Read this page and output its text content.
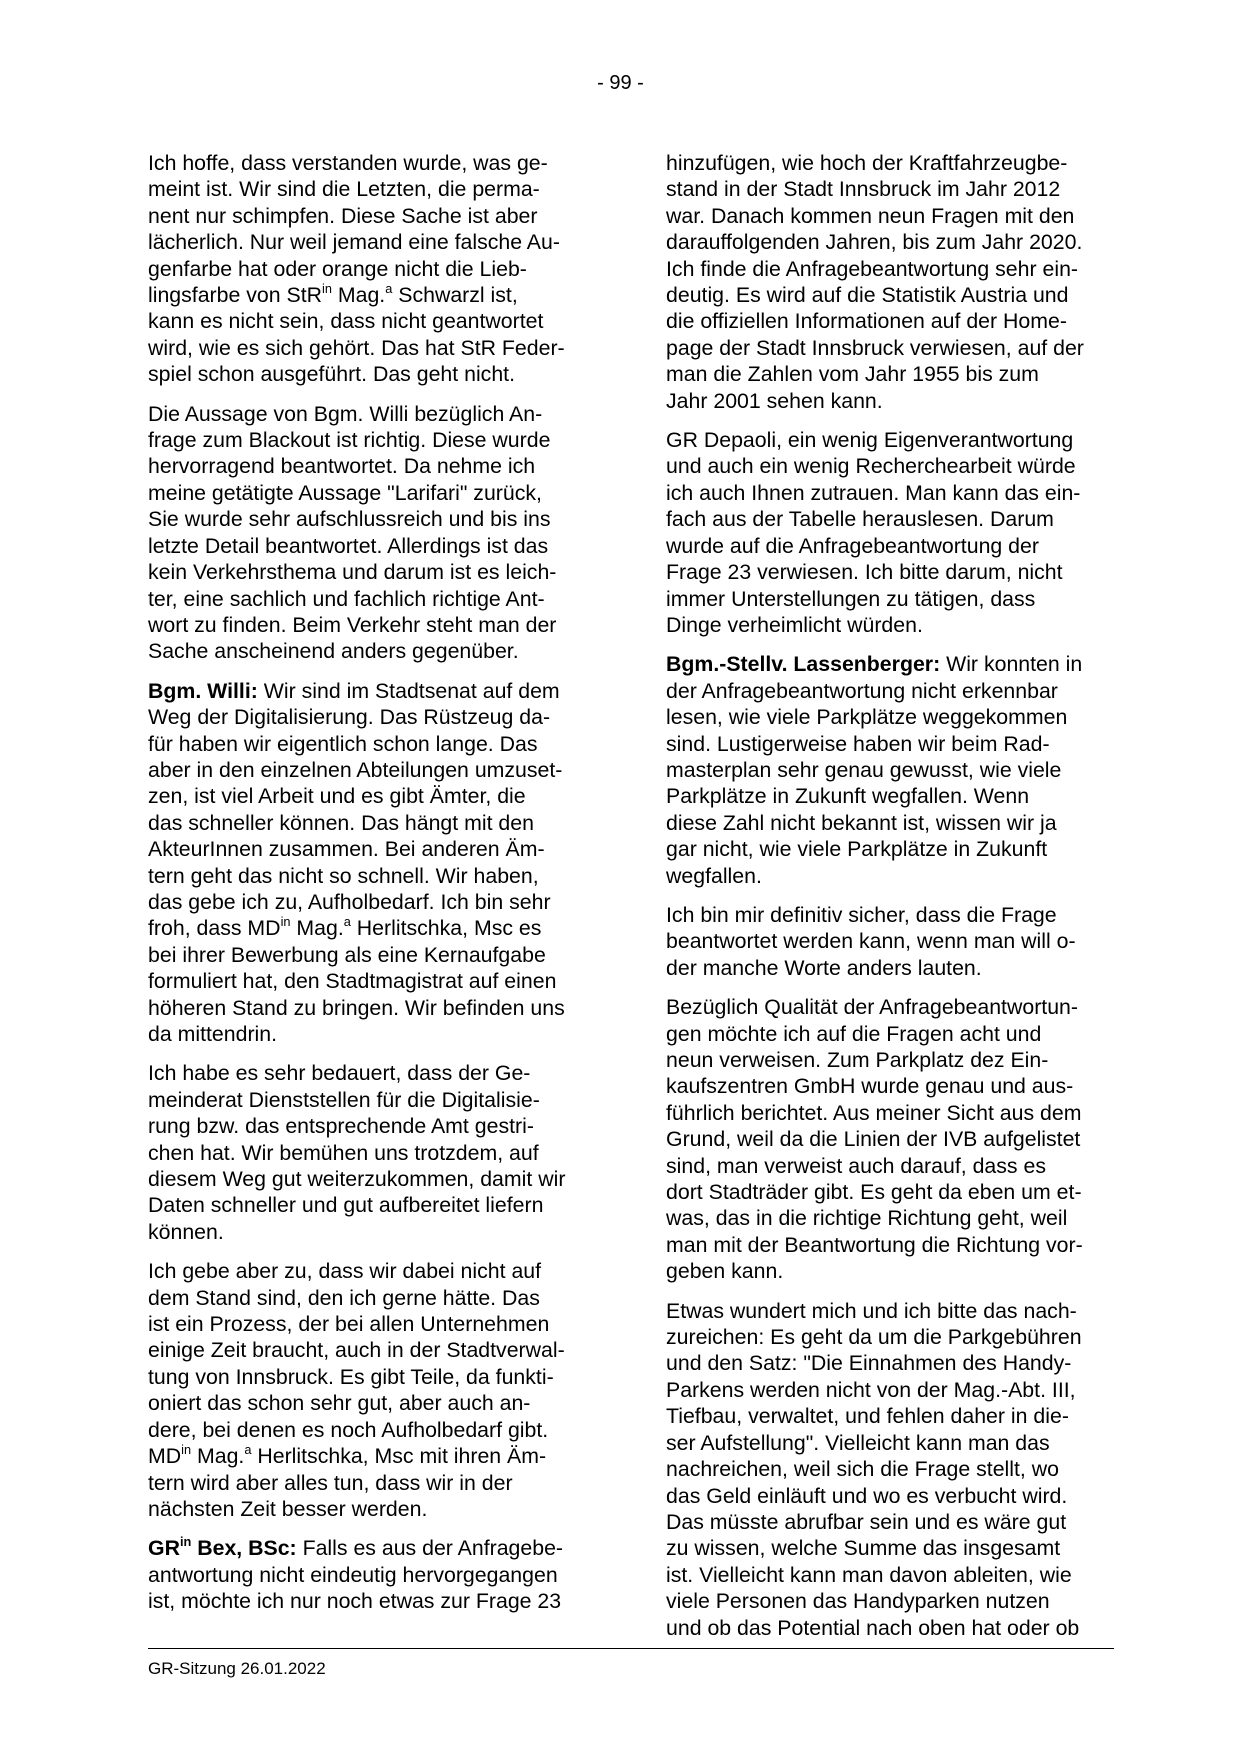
- 99 -

Ich hoffe, dass verstanden wurde, was ge-
meint ist. Wir sind die Letzten, die perma-
nent nur schimpfen. Diese Sache ist aber
lächerlich. Nur weil jemand eine falsche Au-
genfarbe hat oder orange nicht die Lieb-
lingsfarbe von StR$^{in}$ Mag.$^a$ Schwarzl ist,
kann es nicht sein, dass nicht geantwortet
wird, wie es sich gehört. Das hat StR Feder-
spiel schon ausgeführt. Das geht nicht.

Die Aussage von Bgm. Willi bezüglich An-
frage zum Blackout ist richtig. Diese wurde
hervorragend beantwortet. Da nehme ich
meine getätigte Aussage "Larifari" zurück,
Sie wurde sehr aufschlussreich und bis ins
letzte Detail beantwortet. Allerdings ist das
kein Verkehrsthema und darum ist es leich-
ter, eine sachlich und fachlich richtige Ant-
wort zu finden. Beim Verkehr steht man der
Sache anscheinend anders gegenüber.

Bgm. Willi: Wir sind im Stadtsenat auf dem
Weg der Digitalisierung. Das Rüstzeug da-
für haben wir eigentlich schon lange. Das
aber in den einzelnen Abteilungen umzuset-
zen, ist viel Arbeit und es gibt Ämter, die
das schneller können. Das hängt mit den
AkteurInnen zusammen. Bei anderen Äm-
tern geht das nicht so schnell. Wir haben,
das gebe ich zu, Aufholbedarf. Ich bin sehr
froh, dass $MD^{in}$ Mag.$^a$ Herlitschka, Msc es
bei ihrer Bewerbung als eine Kernaufgabe
formuliert hat, den Stadtmagistrat auf einen
höheren Stand zu bringen. Wir befinden uns
da mittendrin.

Ich habe es sehr bedauert, dass der Ge-
meinderat Dienststellen für die Digitalisie-
rung bzw. das entsprechende Amt gestri-
chen hat. Wir bemühen uns trotzdem, auf
diesem Weg gut weiterzukommen, damit wir
Daten schneller und gut aufbereitet liefern
können.

Ich gebe aber zu, dass wir dabei nicht auf
dem Stand sind, den ich gerne hätte. Das
ist ein Prozess, der bei allen Unternehmen
einige Zeit braucht, auch in der Stadtverwal-
tung von Innsbruck. Es gibt Teile, da funkti-
oniert das schon sehr gut, aber auch an-
dere, bei denen es noch Aufholbedarf gibt.
$MD^{in}$ Mag.$^a$ Herlitschka, Msc mit ihren Äm-
tern wird aber alles tun, dass wir in der
nächsten Zeit besser werden.

$GR^{in}$ Bex, BSc: Falls es aus der Anfragebe-
antwortung nicht eindeutig hervorgegangen
ist, möchte ich nur noch etwas zur Frage 23

hinzufügen, wie hoch der Kraftfahrzeugbe-
stand in der Stadt Innsbruck im Jahr 2012
war. Danach kommen neun Fragen mit den
darauffolgenden Jahren, bis zum Jahr 2020.
Ich finde die Anfragebeantwortung sehr ein-
deutig. Es wird auf die Statistik Austria und
die offiziellen Informationen auf der Home-
page der Stadt Innsbruck verwiesen, auf der
man die Zahlen vom Jahr 1955 bis zum
Jahr 2001 sehen kann.

GR Depaoli, ein wenig Eigenverantwortung
und auch ein wenig Recherchearbeit würde
ich auch Ihnen zutrauen. Man kann das ein-
fach aus der Tabelle herauslesen. Darum
wurde auf die Anfragebeantwortung der
Frage 23 verwiesen. Ich bitte darum, nicht
immer Unterstellungen zu tätigen, dass
Dinge verheimlicht würden.

Bgm.-Stellv. Lassenberger: Wir konnten in
der Anfragebeantwortung nicht erkennbar
lesen, wie viele Parkplätze weggekommen
sind. Lustigerweise haben wir beim Rad-
masterplan sehr genau gewusst, wie viele
Parkplätze in Zukunft wegfallen. Wenn
diese Zahl nicht bekannt ist, wissen wir ja
gar nicht, wie viele Parkplätze in Zukunft
wegfallen.

Ich bin mir definitiv sicher, dass die Frage
beantwortet werden kann, wenn man will o-
der manche Worte anders lauten.

Bezüglich Qualität der Anfragebeantwortun-
gen möchte ich auf die Fragen acht und
neun verweisen. Zum Parkplatz dez Ein-
kaufszentren GmbH wurde genau und aus-
führlich berichtet. Aus meiner Sicht aus dem
Grund, weil da die Linien der IVB aufgelistet
sind, man verweist auch darauf, dass es
dort Stadträder gibt. Es geht da eben um et-
was, das in die richtige Richtung geht, weil
man mit der Beantwortung die Richtung vor-
geben kann.

Etwas wundert mich und ich bitte das nach-
zureichen: Es geht da um die Parkgebühren
und den Satz: "Die Einnahmen des Handy-
Parkens werden nicht von der Mag.-Abt. III,
Tiefbau, verwaltet, und fehlen daher in die-
ser Aufstellung". Vielleicht kann man das
nachreichen, weil sich die Frage stellt, wo
das Geld einläuft und wo es verbucht wird.
Das müsste abrufbar sein und es wäre gut
zu wissen, welche Summe das insgesamt
ist. Vielleicht kann man davon ableiten, wie
viele Personen das Handyparken nutzen
und ob das Potential nach oben hat oder ob

GR-Sitzung 26.01.2022
